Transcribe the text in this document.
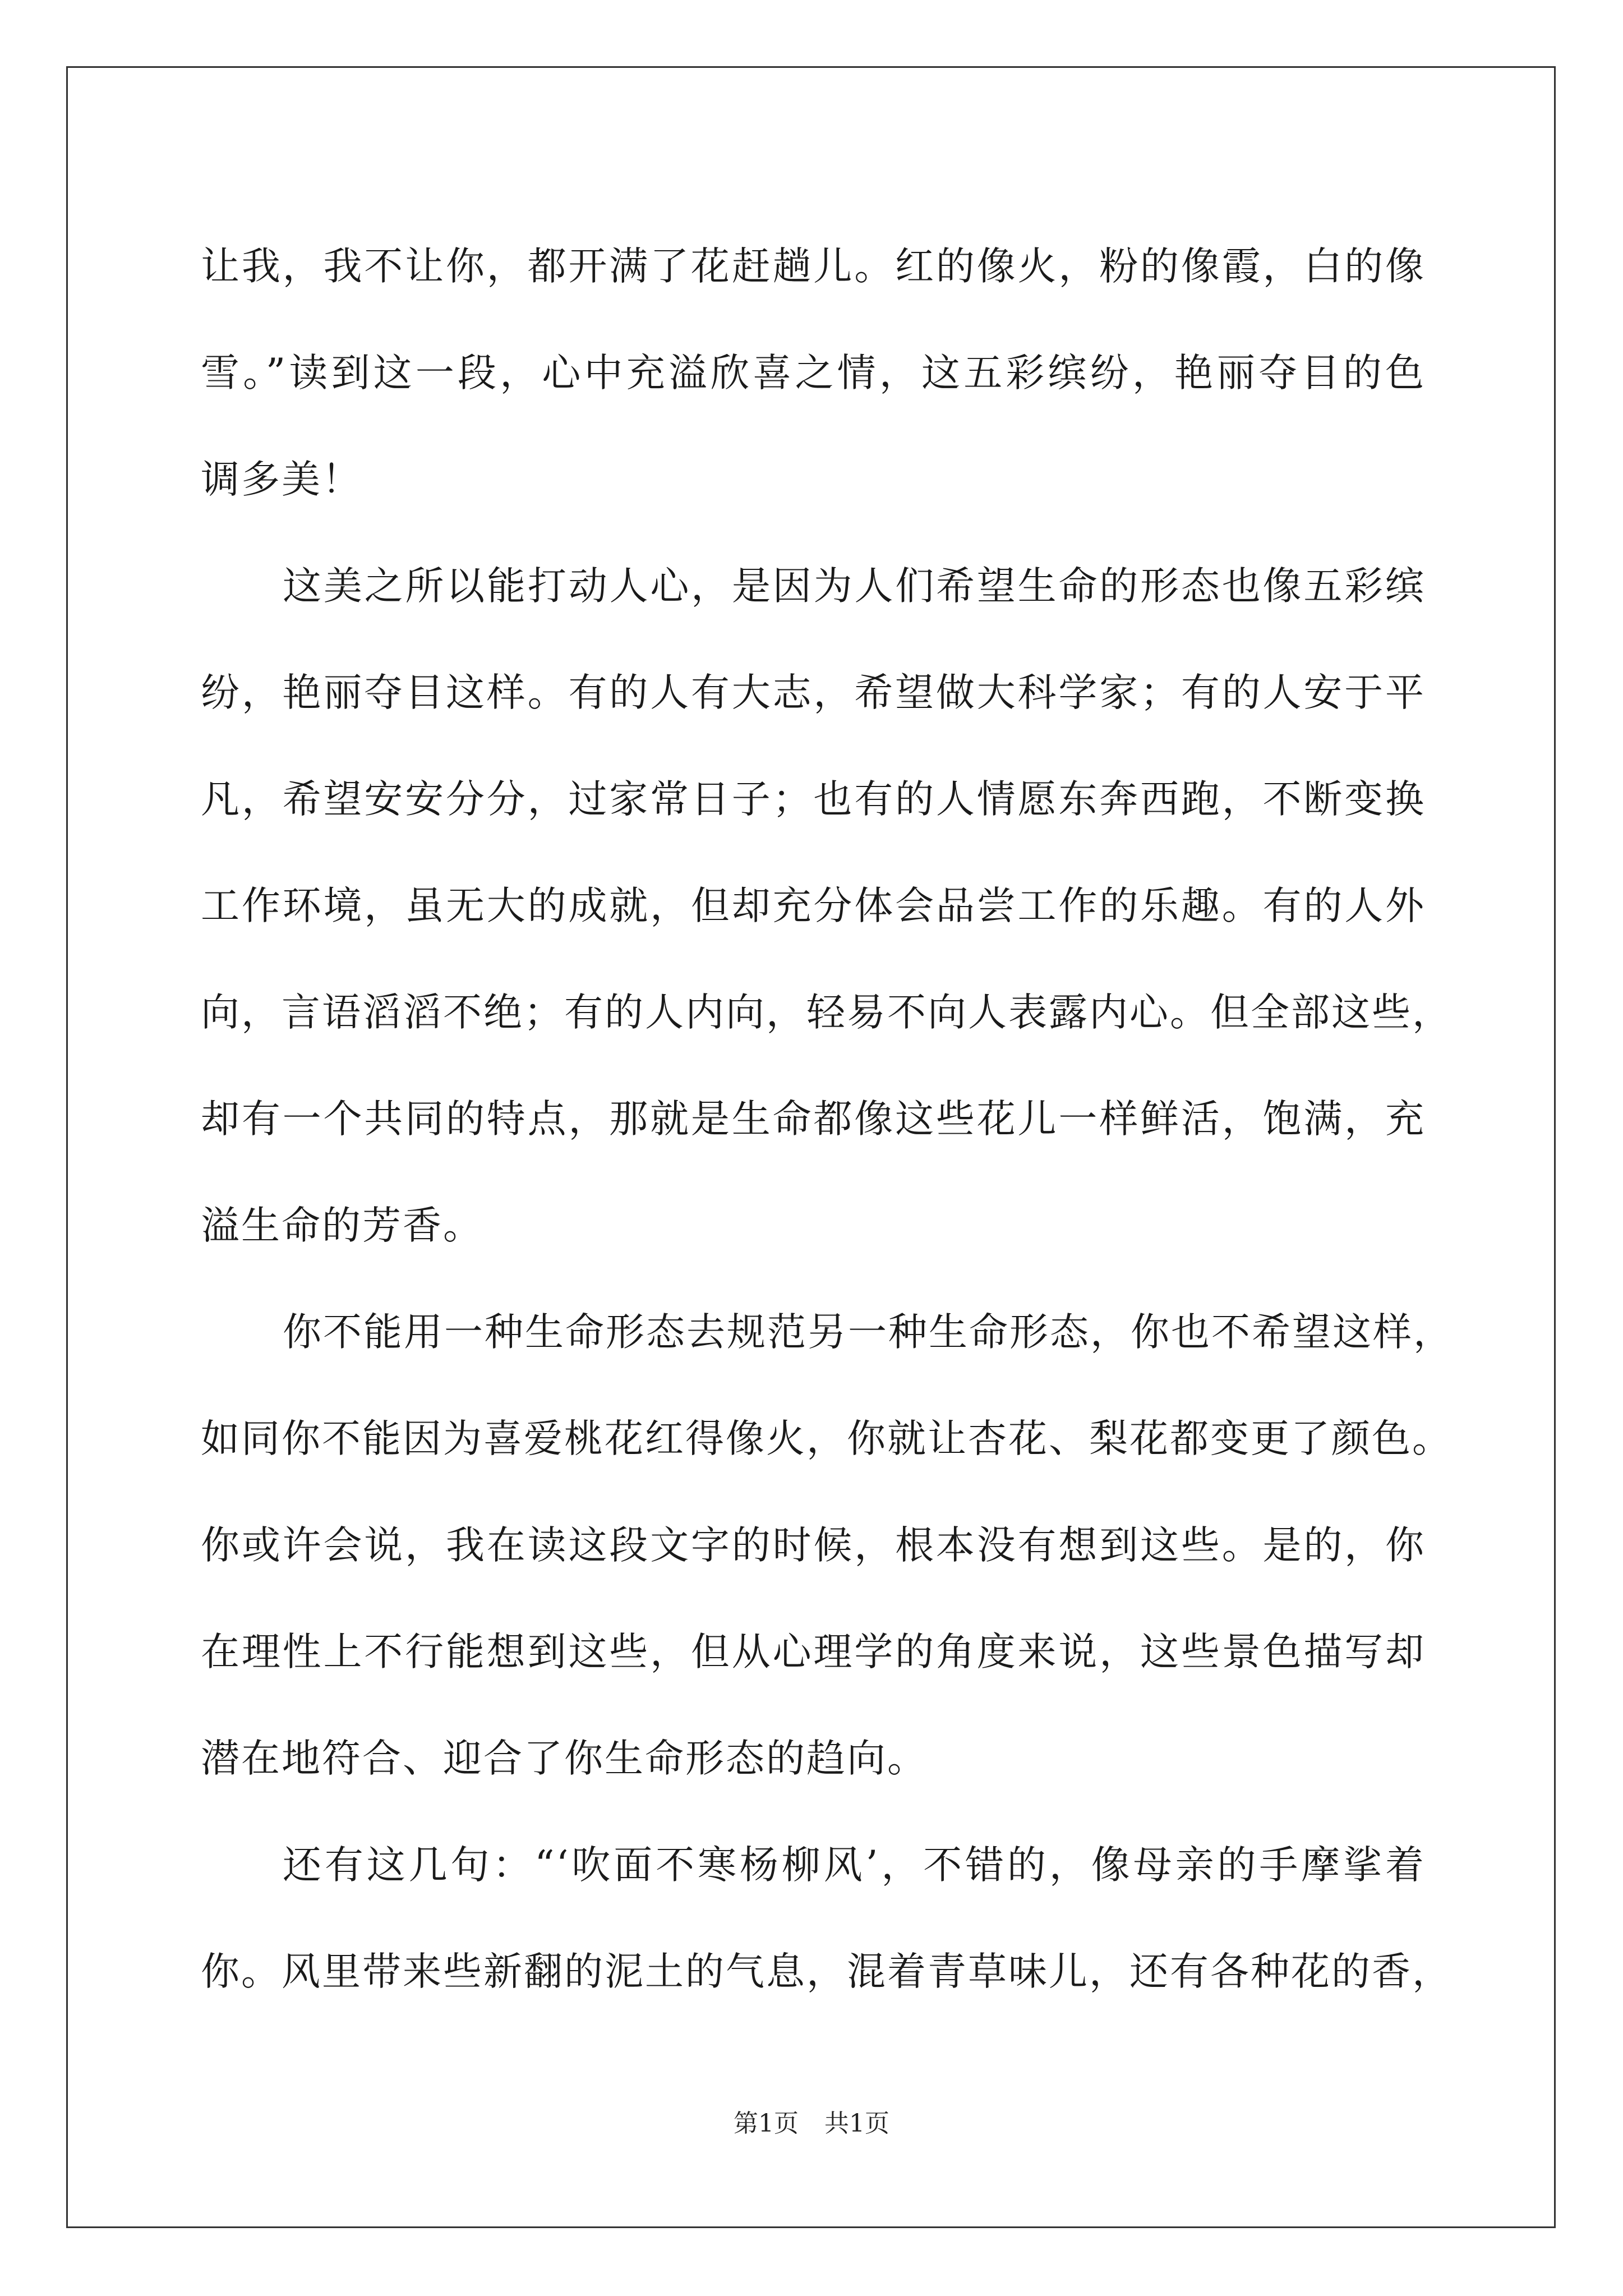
让我，我不让你，都开满了花赶趟儿。红的像火，粉的像霞，白的像
雪。”读到这一段，心中充溢欣喜之情，这五彩缤纷，艳丽夺目的色
调多美！
这美之所以能打动人心，是因为人们希望生命的形态也像五彩缤
纷，艳丽夺目这样。有的人有大志，希望做大科学家；有的人安于平
凡，希望安安分分，过家常日子；也有的人情愿东奔西跑，不断变换
工作环境，虽无大的成就，但却充分体会品尝工作的乐趣。有的人外
向，言语滔滔不绝；有的人内向，轻易不向人表露内心。但全部这些，
却有一个共同的特点，那就是生命都像这些花儿一样鲜活，饱满，充
溢生命的芳香。
你不能用一种生命形态去规范另一种生命形态，你也不希望这样，
如同你不能因为喜爱桃花红得像火，你就让杏花、梨花都变更了颜色。
你或许会说，我在读这段文字的时候，根本没有想到这些。是的，你
在理性上不行能想到这些，但从心理学的角度来说，这些景色描写却
潜在地符合、迎合了你生命形态的趋向。
还有这几句：“‘吹面不寒杨柳风’，不错的，像母亲的手摩挲着
你。风里带来些新翻的泥土的气息，混着青草味儿，还有各种花的香，
第1页 共1页
